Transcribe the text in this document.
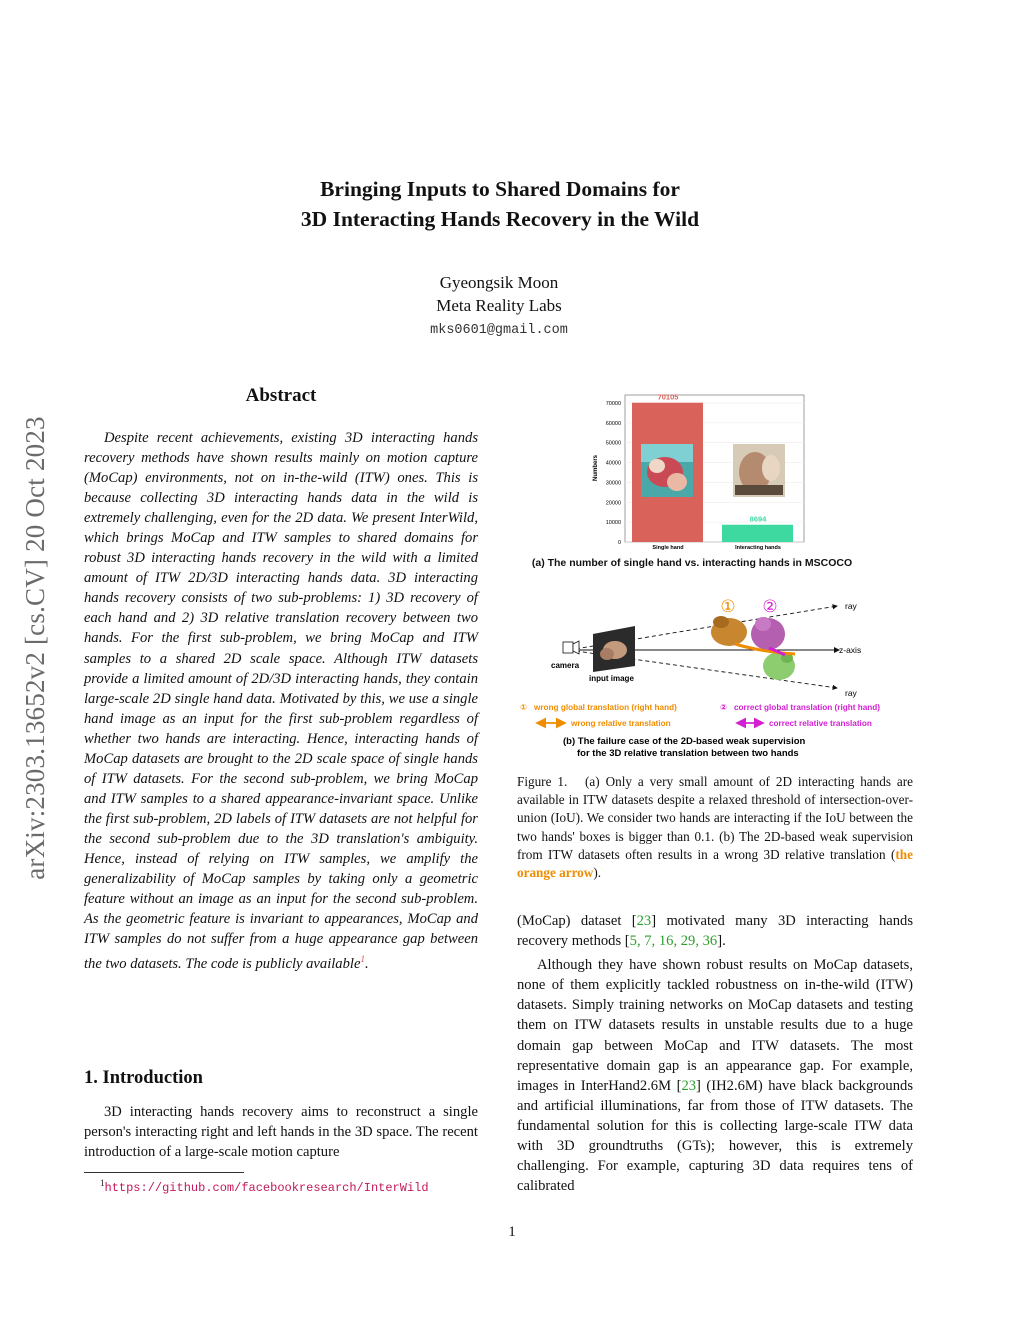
arXiv:2303.13652v2 [cs.CV] 20 Oct 2023
Bringing Inputs to Shared Domains for
3D Interacting Hands Recovery in the Wild
Gyeongsik Moon
Meta Reality Labs
mks0601@gmail.com
Abstract

Despite recent achievements, existing 3D interacting hands recovery methods have shown results mainly on motion capture (MoCap) environments, not on in-the-wild (ITW) ones. This is because collecting 3D interacting hands data in the wild is extremely challenging, even for the 2D data. We present InterWild, which brings MoCap and ITW samples to shared domains for robust 3D interacting hands recovery in the wild with a limited amount of ITW 2D/3D interacting hands data. 3D interacting hands recovery consists of two sub-problems: 1) 3D recovery of each hand and 2) 3D relative translation recovery between two hands. For the first sub-problem, we bring MoCap and ITW samples to a shared 2D scale space. Although ITW datasets provide a limited amount of 2D/3D interacting hands, they contain large-scale 2D single hand data. Motivated by this, we use a single hand image as an input for the first sub-problem regardless of whether two hands are interacting. Hence, interacting hands of MoCap datasets are brought to the 2D scale space of single hands of ITW datasets. For the second sub-problem, we bring MoCap and ITW samples to a shared appearance-invariant space. Unlike the first sub-problem, 2D labels of ITW datasets are not helpful for the second sub-problem due to the 3D translation's ambiguity. Hence, instead of relying on ITW samples, we amplify the generalizability of MoCap samples by taking only a geometric feature without an image as an input for the second sub-problem. As the geometric feature is invariant to appearances, MoCap and ITW samples do not suffer from a huge appearance gap between the two datasets. The code is publicly available$^1$.

1. Introduction

3D interacting hands recovery aims to reconstruct a single person's interacting right and left hands in the 3D space. The recent introduction of a large-scale motion capture

$^1$https://github.com/facebookresearch/InterWild
0
10000
20000
30000
40000
50000
60000
70000
Numbers
70105
8694
Single hand	Interacting hands
(a) The number of single hand vs. interacting hands in MSCOCO
① ②	ray
z-axis
ray
camera
input image
① wrong global translation (right hand)	② correct global translation (right hand)
wrong relative translation	correct relative translation
(b) The failure case of the 2D-based weak supervision
for the 3D relative translation between two hands
Figure 1. (a) Only a very small amount of 2D interacting hands are available in ITW datasets despite a relaxed threshold of intersection-over-union (IoU). We consider two hands are interacting if the IoU between the two hands' boxes is bigger than 0.1. (b) The 2D-based weak supervision from ITW datasets often results in a wrong 3D relative translation (the orange arrow).

(MoCap) dataset [23] motivated many 3D interacting hands recovery methods [5, 7, 16, 29, 36].

Although they have shown robust results on MoCap datasets, none of them explicitly tackled robustness on in-the-wild (ITW) datasets. Simply training networks on MoCap datasets and testing them on ITW datasets results in unstable results due to a huge domain gap between MoCap and ITW datasets. The most representative domain gap is an appearance gap. For example, images in InterHand2.6M [23] (IH2.6M) have black backgrounds and artificial illuminations, far from those of ITW datasets. The fundamental solution for this is collecting large-scale ITW data with 3D groundtruths (GTs); however, this is extremely challenging. For example, capturing 3D data requires tens of calibrated

1
